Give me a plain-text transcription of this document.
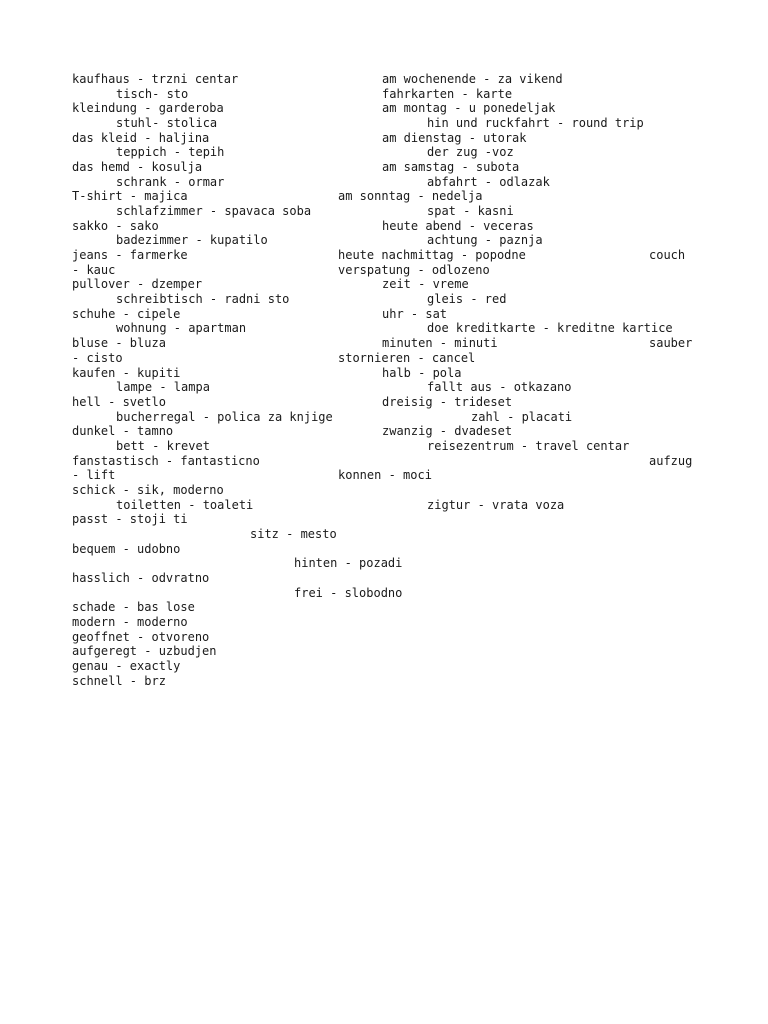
kaufhaus - trzni centar

tisch- sto

kleindung - garderoba

stuhl- stolica

das kleid - haljina

teppich - tepih

das hemd - kosulja

schrank - ormar

T-shirt - majica

schlafzimmer - spavaca soba

sakko - sako

badezimmer - kupatilo

jeans - farmerke

- kauc

pullover - dzemper

schreibtisch - radni sto

schuhe - cipele

wohnung - apartman

bluse - bluza

- cisto

kaufen - kupiti

lampe - lampa

hell - svetlo

bucherregal - polica za knjige

dunkel - tamno

bett - krevet

fanstastisch - fantasticno

- lift

schick - sik, moderno

toiletten - toaleti

passt - stoji ti

sitz - mesto

bequem - udobno

hinten - pozadi

hasslich - odvratno

frei - slobodno

schade - bas lose

modern - moderno

geoffnet - otvoreno

aufgeregt - uzbudjen

genau - exactly

schnell - brz

am wochenende - za vikend

fahrkarten - karte

am montag - u ponedeljak

hin und ruckfahrt - round trip

am dienstag - utorak

der zug -voz

am samstag - subota

abfahrt - odlazak

am sonntag - nedelja

spat - kasni

heute abend - veceras

achtung - paznja

heute nachmittag - popodne	couch

verspatung - odlozeno

zeit - vreme

gleis - red

uhr - sat

doe kreditkarte - kreditne kartice

minuten - minuti	sauber

stornieren - cancel

halb - pola

fallt aus - otkazano

dreisig - trideset

zahl - placati

zwanzig - dvadeset

reisezentrum - travel centar

aufzug

konnen - moci

zigtur - vrata voza
